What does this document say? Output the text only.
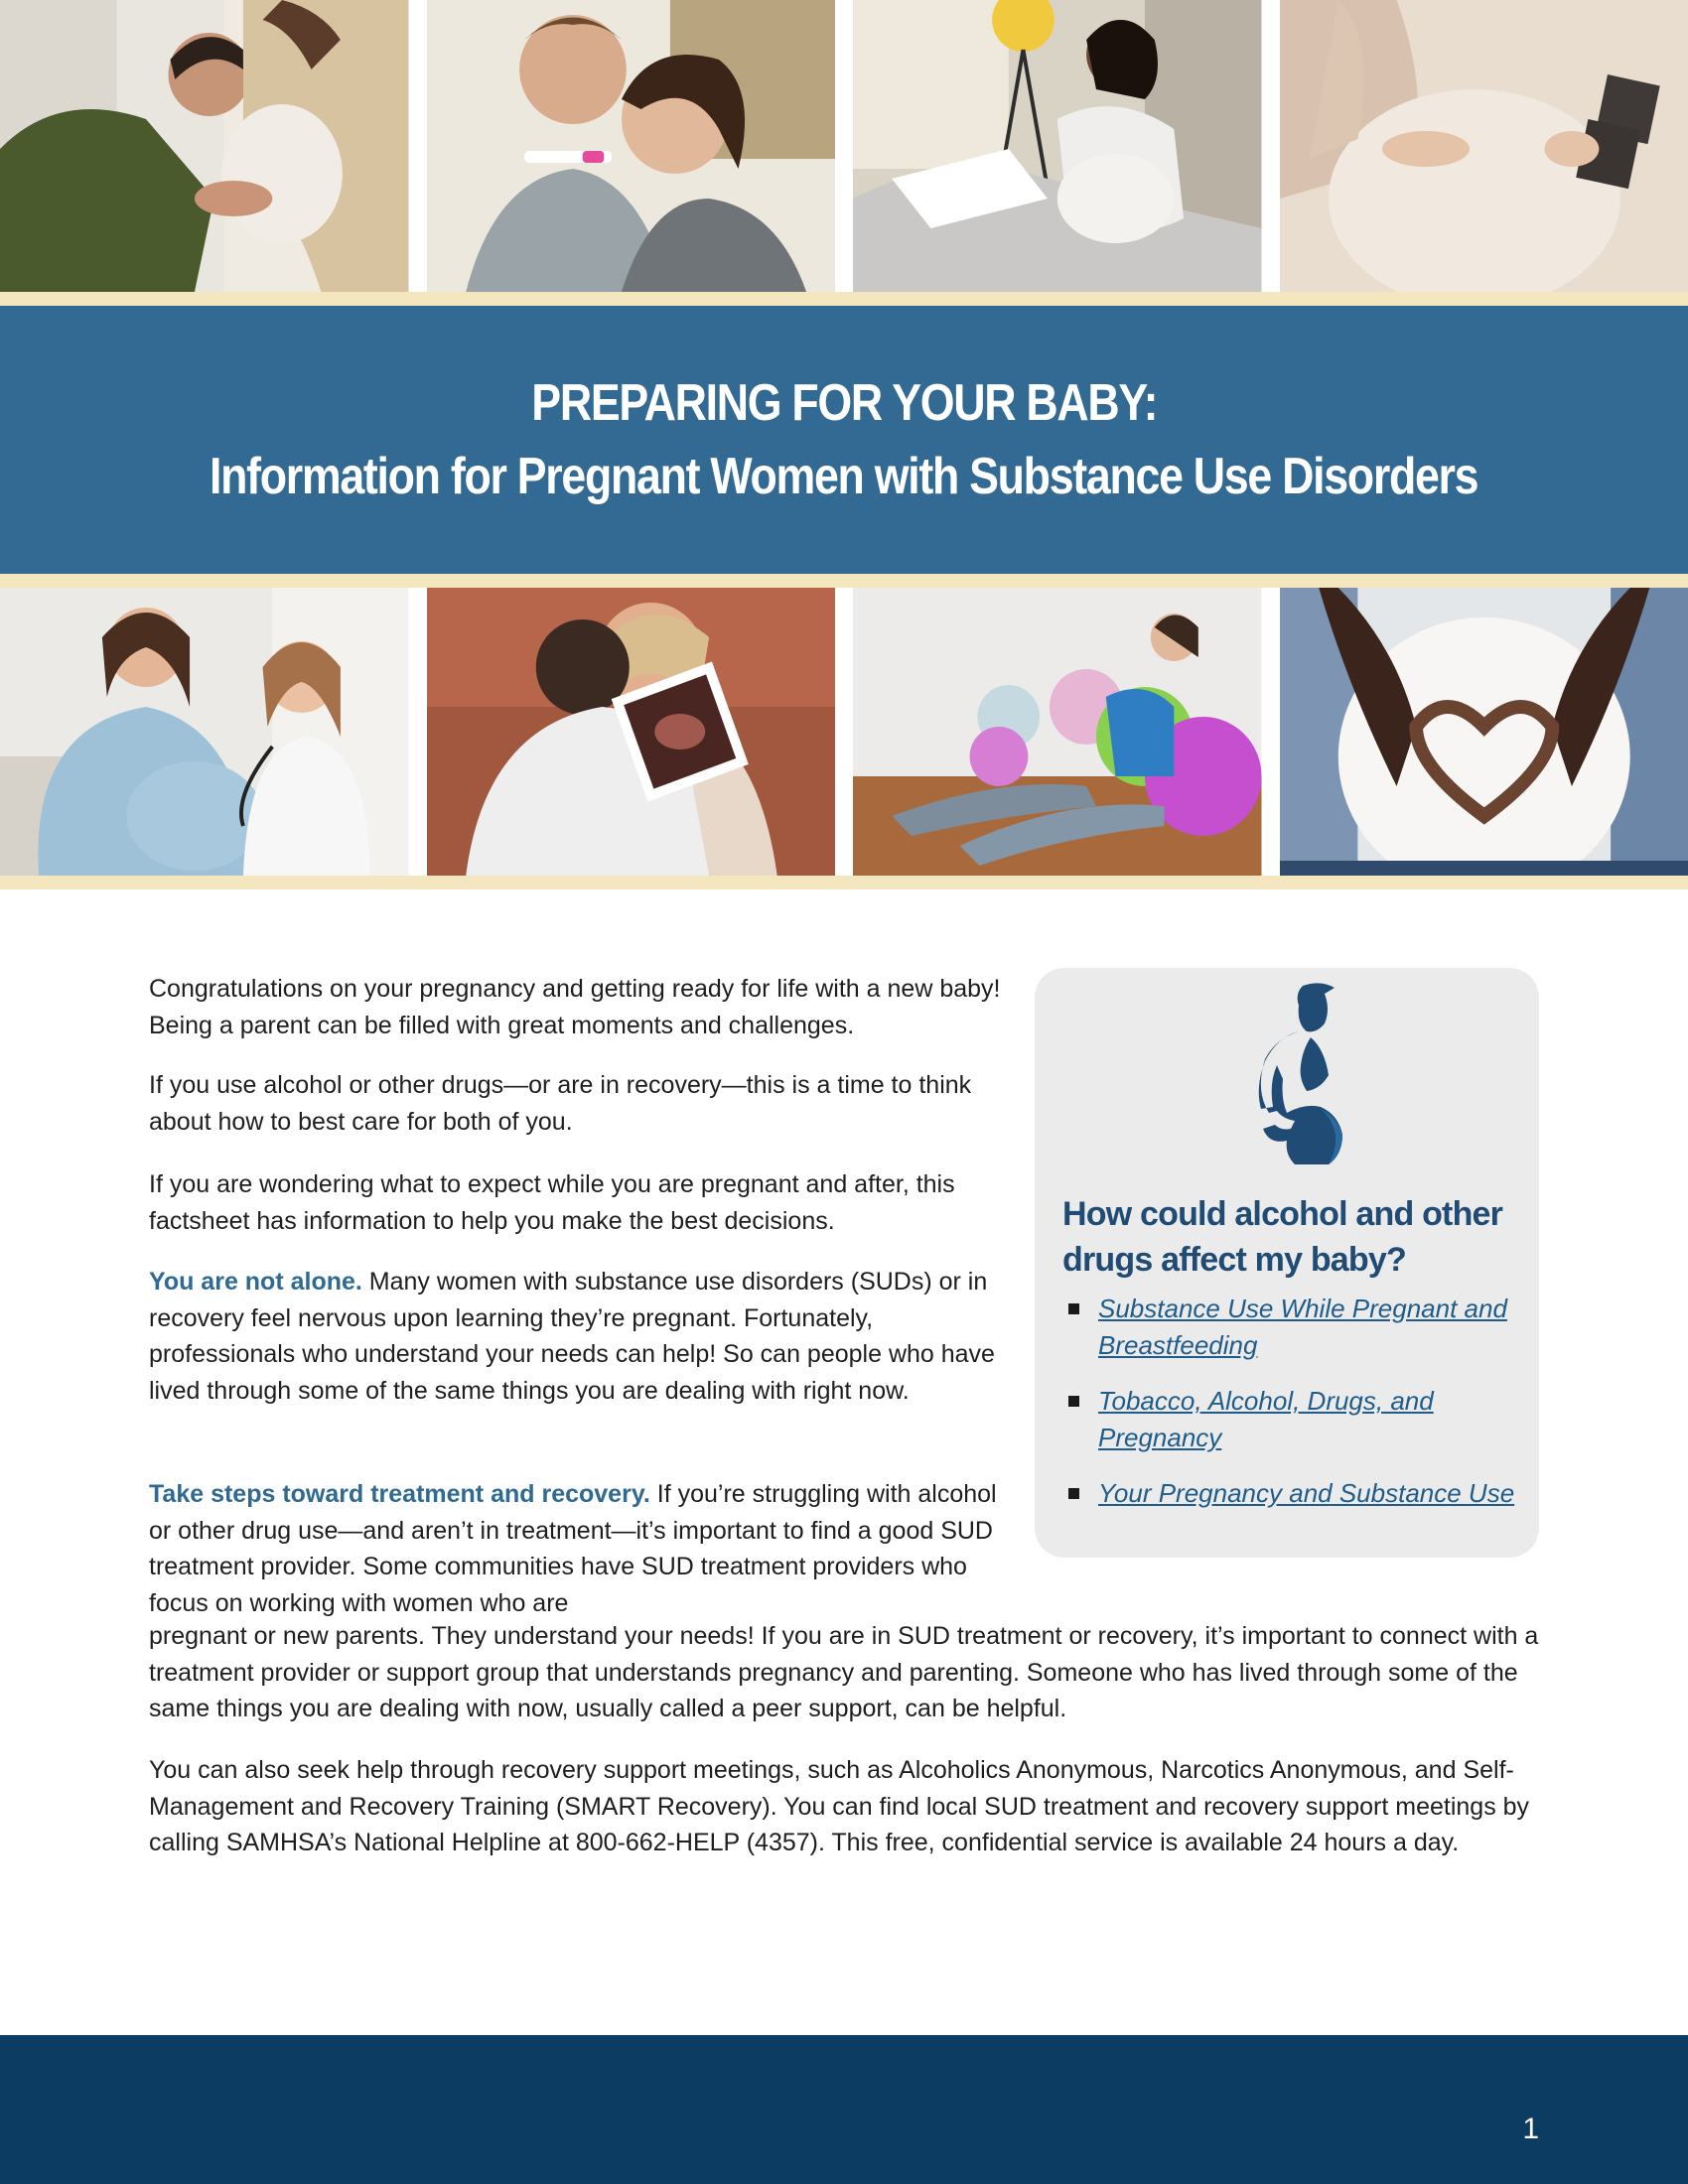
PREPARING FOR YOUR BABY:
Information for Pregnant Women with Substance Use Disorders
Congratulations on your pregnancy and getting ready for life with a new baby! Being a parent can be filled with great moments and challenges.
If you use alcohol or other drugs—or are in recovery—this is a time to think about how to best care for both of you.
If you are wondering what to expect while you are pregnant and after, this factsheet has information to help you make the best decisions.
You are not alone. Many women with substance use disorders (SUDs) or in recovery feel nervous upon learning they’re pregnant. Fortunately, professionals who understand your needs can help! So can people who have lived through some of the same things you are dealing with right now.
Take steps toward treatment and recovery. If you’re struggling with alcohol or other drug use—and aren’t in treatment—it’s important to find a good SUD treatment provider. Some communities have SUD treatment providers who focus on working with women who are
pregnant or new parents. They understand your needs! If you are in SUD treatment or recovery, it’s important to connect with a treatment provider or support group that understands pregnancy and parenting. Someone who has lived through some of the same things you are dealing with now, usually called a peer support, can be helpful.
You can also seek help through recovery support meetings, such as Alcoholics Anonymous, Narcotics Anonymous, and Self-Management and Recovery Training (SMART Recovery). You can find local SUD treatment and recovery support meetings by calling SAMHSA’s National Helpline at 800-662-HELP (4357). This free, confidential service is available 24 hours a day.
How could alcohol and other drugs affect my baby?
Substance Use While Pregnant and Breastfeeding
Tobacco, Alcohol, Drugs, and Pregnancy
Your Pregnancy and Substance Use
1
